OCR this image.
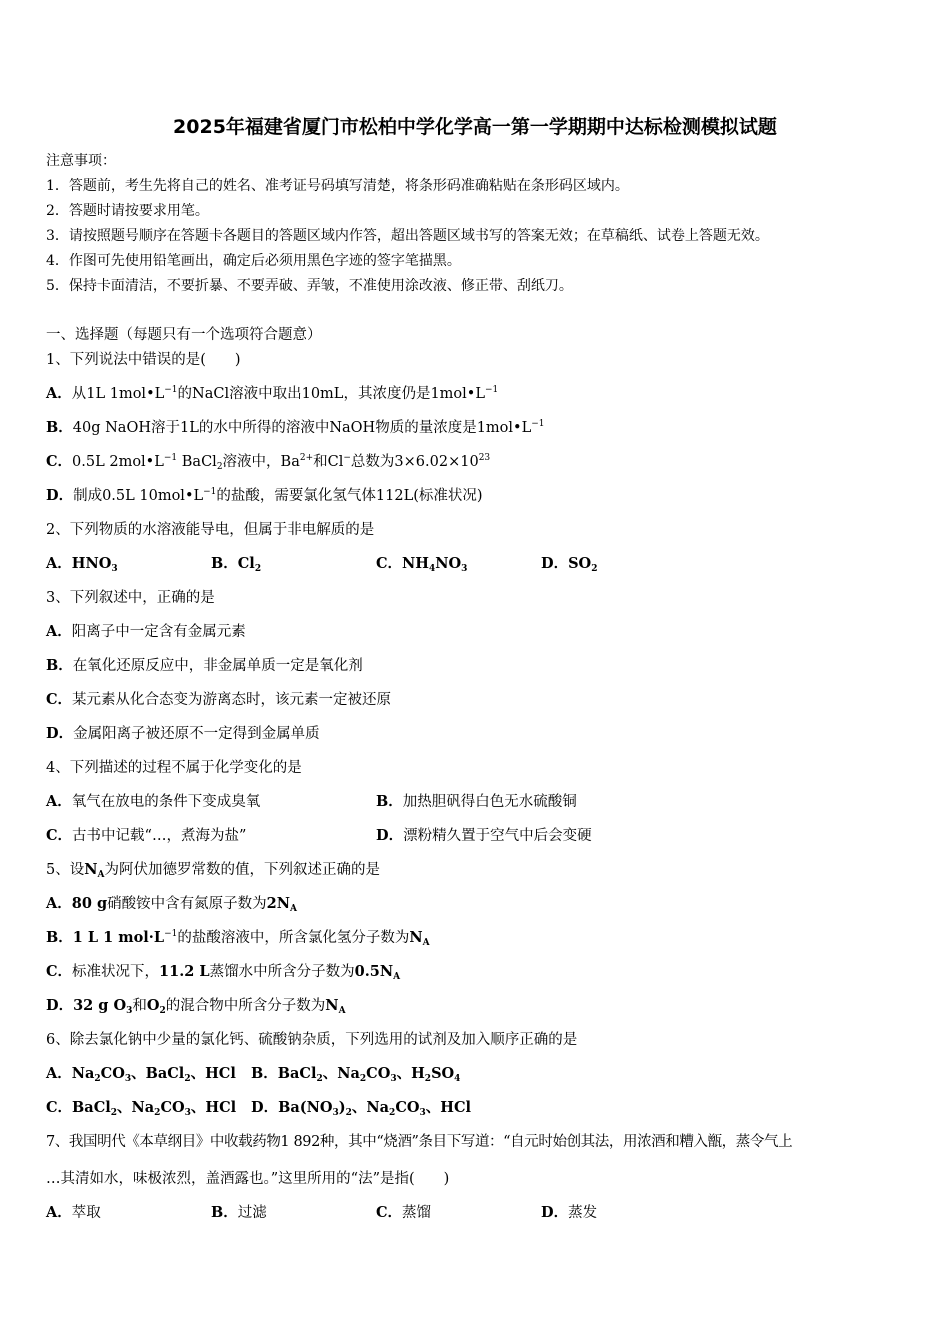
2025年福建省厦门市松柏中学化学高一第一学期期中达标检测模拟试题
注意事项：
1．答题前，考生先将自己的姓名、准考证号码填写清楚，将条形码准确粘贴在条形码区域内。
2．答题时请按要求用笔。
3．请按照题号顺序在答题卡各题目的答题区域内作答，超出答题区域书写的答案无效；在草稿纸、试卷上答题无效。
4．作图可先使用铅笔画出，确定后必须用黑色字迹的签字笔描黑。
5．保持卡面清洁，不要折暴、不要弄破、弄皱，不准使用涂改液、修正带、刮纸刀。
一、选择题（每题只有一个选项符合题意）
1、下列说法中错误的是(　　)
A．从1L $1mol•L^{-1}$的NaCl溶液中取出10mL，其浓度仍是$1mol•L^{-1}$
B．40g NaOH溶于1L的水中所得的溶液中NaOH物质的量浓度是$1mol•L^{-1}$
C．0.5L $2mol•L^{-1}$ BaCl$_2$溶液中，$Ba^{2+}$和Cl−总数为$3\times 6.02\times 10^{23}$
D．制成0.5L $10mol•L^{-1}$的盐酸，需要氯化氢气体112L(标准状况)
2、下列物质的水溶液能导电，但属于非电解质的是
A．$HNO_3$	B．$Cl_2$	C．$NH_4NO_3$	D．$SO_2$
3、下列叙述中，正确的是
A．阳离子中一定含有金属元素
B．在氧化还原反应中，非金属单质一定是氧化剂
C．某元素从化合态变为游离态时，该元素一定被还原
D．金属阳离子被还原不一定得到金属单质
4、下列描述的过程不属于化学变化的是
A．氧气在放电的条件下变成臭氧	B．加热胆矾得白色无水硫酸铜
C．古书中记载“…，煮海为盐”	D．漂粉精久置于空气中后会变硬
5、设$N_A$为阿伏加德罗常数的值，下列叙述正确的是
A．80 g硝酸铵中含有氮原子数为$2N_A$
B．1 L 1 $mol\cdot L^{-1}$的盐酸溶液中，所含氯化氢分子数为$N_A$
C．标准状况下，11.2 L蒸馏水中所含分子数为$0.5N_A$
D．32 g $O_3$和$O_2$的混合物中所含分子数为$N_A$
6、除去氯化钠中少量的氯化钙、硫酸钠杂质，下列选用的试剂及加入顺序正确的是
A．$Na_2CO_3$、BaCl$_2$、HCl B．BaCl$_2$、$Na_2CO_3$、$H_2SO_4$
C．BaCl$_2$、$Na_2CO_3$、HCl D．$Ba(NO_3)_2$、$Na_2CO_3$、HCl
7、我国明代《本草纲目》中收载药物1 892种，其中“烧酒”条目下写道：“自元时始创其法，用浓酒和糟入甑，蒸令气上
…其清如水，味极浓烈，盖酒露也。”这里所用的“法”是指(　　)
A．萃取	B．过滤	C．蒸馏	D．蒸发
